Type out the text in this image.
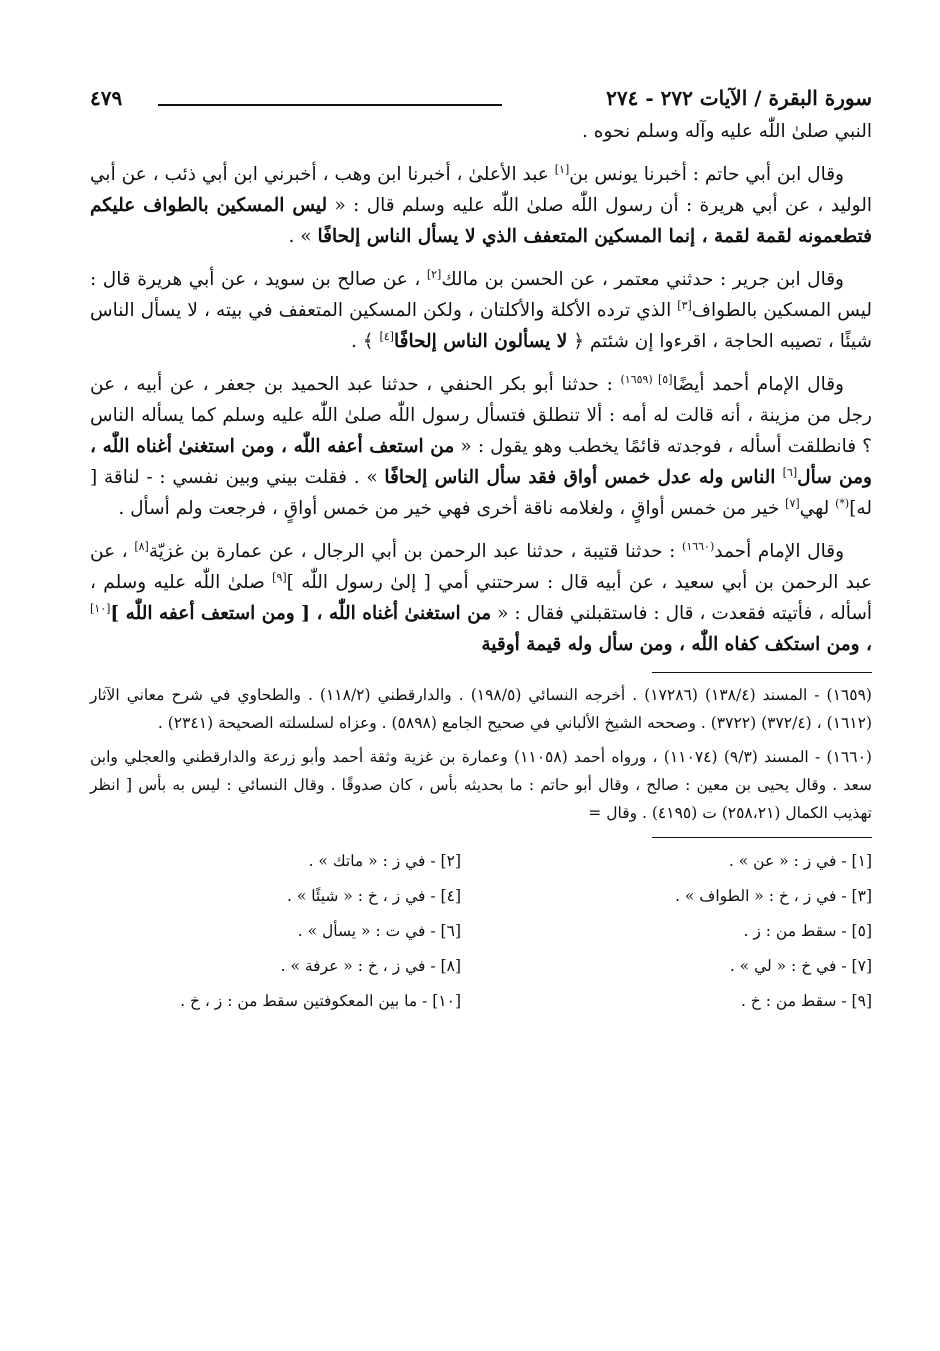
سورة البقرة / الآيات ٢٧٢ - ٢٧٤
٤٧٩

النبي صلىٰ اللّٰه عليه وآله وسلم نحوه .

وقال ابن أبي حاتم : أخبرنا يونس بن[١] عبد الأعلىٰ ، أخبرنا ابن وهب ، أخبرني ابن أبي ذئب ، عن أبي الوليد ، عن أبي هريرة : أن رسول اللّٰه صلىٰ اللّٰه عليه وسلم قال : « ليس المسكين بالطواف عليكم فتطعمونه لقمة لقمة ، إنما المسكين المتعفف الذي لا يسأل الناس إلحافًا » .

وقال ابن جرير : حدثني معتمر ، عن الحسن بن مالك[٢] ، عن صالح بن سويد ، عن أبي هريرة قال : ليس المسكين بالطواف[٣] الذي ترده الأكلة والأكلتان ، ولكن المسكين المتعفف في بيته ، لا يسأل الناس شيئًا ، تصيبه الحاجة ، اقرءوا إن شئتم ﴿ لا يسألون الناس إلحافًا[٤] ﴾ .

وقال الإمام أحمد أيضًا$^{[٥] (١٦٥٩)}$ : حدثنا أبو بكر الحنفي ، حدثنا عبد الحميد بن جعفر ، عن أبيه ، عن رجل من مزينة ، أنه قالت له أمه : ألا تنطلق فتسأل رسول اللّٰه صلىٰ اللّٰه عليه وسلم كما يسأله الناس ؟ فانطلقت أسأله ، فوجدته قائمًا يخطب وهو يقول : « من استعف أعفه اللّٰه ، ومن استغنىٰ أغناه اللّٰه ، ومن سأل[٦] الناس وله عدل خمس أواق فقد سأل الناس إلحافًا » . فقلت بيني وبين نفسي : - لناقة [ له](*) لهي[٧] خير من خمس أواقٍ ، ولغلامه ناقة أخرى فهي خير من خمس أواقٍ ، فرجعت ولم أسأل .

وقال الإمام أحمد$^{(١٦٦٠)}$ : حدثنا قتيبة ، حدثنا عبد الرحمن بن أبي الرجال ، عن عمارة بن غزيّة[٨] ، عن عبد الرحمن بن أبي سعيد ، عن أبيه قال : سرحتني أمي [ إلىٰ رسول اللّٰه ][٩] صلىٰ اللّٰه عليه وسلم ، أسأله ، فأتيته فقعدت ، قال : فاستقبلني فقال : « من استغنىٰ أغناه اللّٰه ، [ ومن استعف أعفه اللّٰه ][١٠] ، ومن استكف كفاه اللّٰه ، ومن سأل وله قيمة أوقية

(١٦٥٩) - المسند (١٣٨/٤) (١٧٢٨٦) . أخرجه النسائي (١٩٨/٥) . والدارقطني (١١٨/٢) . والطحاوي في شرح معاني الآثار (١٦١٢) ، (٣٧٢/٤) (٣٧٢٢) . وصححه الشيخ الألباني في صحيح الجامع (٥٨٩٨) . وعزاه لسلسلته الصحيحة (٢٣٤١) .

(١٦٦٠) - المسند (٩/٣) (١١٠٧٤) ، ورواه أحمد (١١٠٥٨) وعمارة بن غزية وثقة أحمد وأبو زرعة والدارقطني والعجلي وابن سعد . وقال يحيى بن معين : صالح ، وقال أبو حاتم : ما بحديثه بأس ، كان صدوقًا . وقال النسائي : ليس به بأس [ انظر تهذيب الكمال (٢٥٨،٢١) ت (٤١٩٥) . وقال =

[١] - في ز : « عن » .
[٢] - في ز : « ماتك » .
[٣] - في ز ، خ : « الطواف » .
[٤] - في ز ، خ : « شيئًا » .
[٥] - سقط من : ز .
[٦] - في ت : « يسأل » .
[٧] - في خ : « لي » .
[٨] - في ز ، خ : « عرفة » .
[٩] - سقط من : خ .
[١٠] - ما بين المعكوفتين سقط من : ز ، خ .
